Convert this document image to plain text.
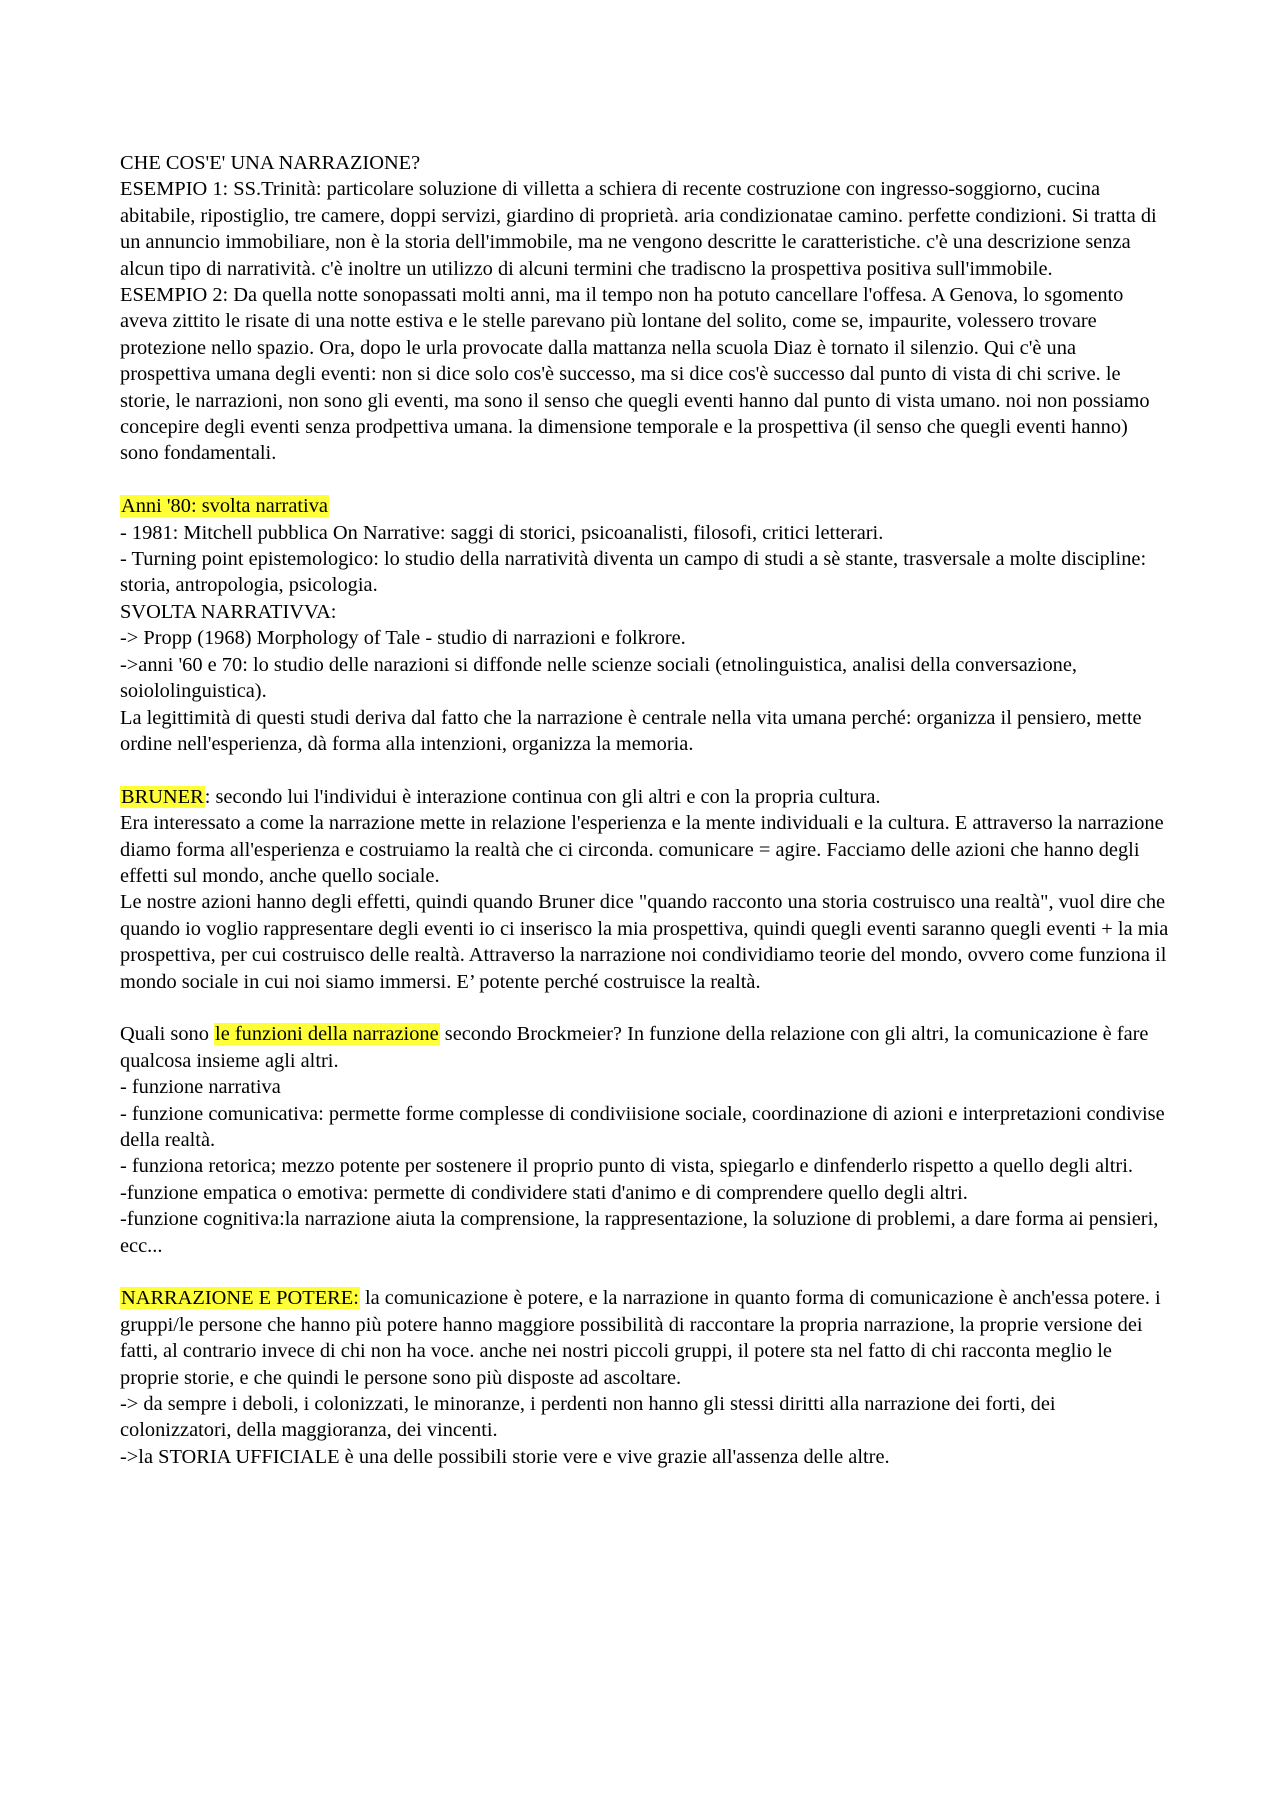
CHE COS'E' UNA NARRAZIONE?

ESEMPIO 1: SS.Trinità: particolare soluzione di villetta a schiera di recente costruzione con ingresso-soggiorno, cucina abitabile, ripostiglio, tre camere, doppi servizi, giardino di proprietà. aria condizionatae camino. perfette condizioni. Si tratta di un annuncio immobiliare, non è la storia dell'immobile, ma ne vengono descritte le caratteristiche. c'è una descrizione senza alcun tipo di narratività. c'è inoltre un utilizzo di alcuni termini che tradiscno la prospettiva positiva sull'immobile.

ESEMPIO 2: Da quella notte sonopassati molti anni, ma il tempo non ha potuto cancellare l'offesa. A Genova, lo sgomento aveva zittito le risate di una notte estiva e le stelle parevano più lontane del solito, come se, impaurite, volessero trovare protezione nello spazio. Ora, dopo le urla provocate dalla mattanza nella scuola Diaz è tornato il silenzio. Qui c'è una prospettiva umana degli eventi: non si dice solo cos'è successo, ma si dice cos'è successo dal punto di vista di chi scrive. le storie, le narrazioni, non sono gli eventi, ma sono il senso che quegli eventi hanno dal punto di vista umano. noi non possiamo concepire degli eventi senza prodpettiva umana. la dimensione temporale e la prospettiva (il senso che quegli eventi hanno) sono fondamentali.

Anni '80: svolta narrativa

- 1981: Mitchell pubblica On Narrative: saggi di storici, psicoanalisti, filosofi, critici letterari.

- Turning point epistemologico: lo studio della narratività diventa un campo di studi a sè stante, trasversale a molte discipline: storia, antropologia, psicologia.

SVOLTA NARRATIVVA:

-> Propp (1968) Morphology of Tale - studio di narrazioni e folkrore.

->anni '60 e 70: lo studio delle narazioni si diffonde nelle scienze sociali (etnolinguistica, analisi della conversazione, soiololinguistica).

La legittimità di questi studi deriva dal fatto che la narrazione è centrale nella vita umana perché: organizza il pensiero, mette ordine nell'esperienza, dà forma alla intenzioni, organizza la memoria.

BRUNER: secondo lui l'individui è interazione continua con gli altri e con la propria cultura.

Era interessato a come la narrazione mette in relazione l'esperienza e la mente individuali e la cultura. E attraverso la narrazione diamo forma all'esperienza e costruiamo la realtà che ci circonda. comunicare = agire. Facciamo delle azioni che hanno degli effetti sul mondo, anche quello sociale.

Le nostre azioni hanno degli effetti, quindi quando Bruner dice "quando racconto una storia costruisco una realtà", vuol dire che quando io voglio rappresentare degli eventi io ci inserisco la mia prospettiva, quindi quegli eventi saranno quegli eventi + la mia prospettiva, per cui costruisco delle realtà. Attraverso la narrazione noi condividiamo teorie del mondo, ovvero come funziona il mondo sociale in cui noi siamo immersi. E’ potente perché costruisce la realtà.

Quali sono le funzioni della narrazione secondo Brockmeier? In funzione della relazione con gli altri, la comunicazione è fare qualcosa insieme agli altri.

- funzione narrativa

- funzione comunicativa: permette forme complesse di condiviisione sociale, coordinazione di azioni e interpretazioni condivise della realtà.

- funziona retorica; mezzo potente per sostenere il proprio punto di vista, spiegarlo e dinfenderlo rispetto a quello degli altri.

-funzione empatica o emotiva: permette di condividere stati d'animo e di comprendere quello degli altri.

-funzione cognitiva:la narrazione aiuta la comprensione, la rappresentazione, la soluzione di problemi, a dare forma ai pensieri, ecc...

NARRAZIONE E POTERE: la comunicazione è potere, e la narrazione in quanto forma di comunicazione è anch'essa potere. i gruppi/le persone che hanno più potere hanno maggiore possibilità di raccontare la propria narrazione, la proprie versione dei fatti, al contrario invece di chi non ha voce. anche nei nostri piccoli gruppi, il potere sta nel fatto di chi racconta meglio le proprie storie, e che quindi le persone sono più disposte ad ascoltare.

-> da sempre i deboli, i colonizzati, le minoranze, i perdenti non hanno gli stessi diritti alla narrazione dei forti, dei colonizzatori, della maggioranza, dei vincenti.

->la STORIA UFFICIALE è una delle possibili storie vere e vive grazie all'assenza delle altre.
